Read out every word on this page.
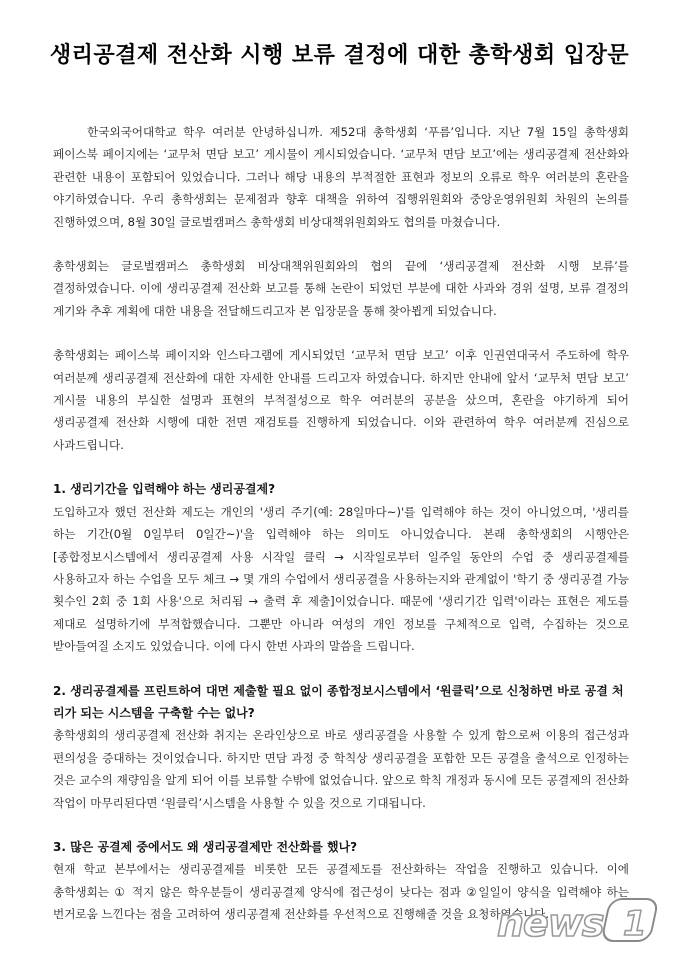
생리공결제 전산화 시행 보류 결정에 대한 총학생회 입장문

한국외국어대학교 학우 여러분 안녕하십니까. 제52대 총학생회 ‘푸름’입니다. 지난 7월 15일 총학생회 페이스북 페이지에는 ‘교무처 면담 보고’ 게시물이 게시되었습니다. ‘교무처 면담 보고’에는 생리공결제 전산화와 관련한 내용이 포함되어 있었습니다. 그러나 해당 내용의 부적절한 표현과 정보의 오류로 학우 여러분의 혼란을 야기하였습니다. 우리 총학생회는 문제점과 향후 대책을 위하여 집행위원회와 중앙운영위원회 차원의 논의를 진행하였으며, 8월 30일 글로벌캠퍼스 총학생회 비상대책위원회와도 협의를 마쳤습니다.

총학생회는 글로벌캠퍼스 총학생회 비상대책위원회와의 협의 끝에 ‘생리공결제 전산화 시행 보류’를 결정하였습니다. 이에 생리공결제 전산화 보고를 통해 논란이 되었던 부분에 대한 사과와 경위 설명, 보류 결정의 계기와 추후 계획에 대한 내용을 전달해드리고자 본 입장문을 통해 찾아뵙게 되었습니다.

총학생회는 페이스북 페이지와 인스타그램에 게시되었던 ‘교무처 면담 보고’ 이후 인권연대국서 주도하에 학우 여러분께 생리공결제 전산화에 대한 자세한 안내를 드리고자 하였습니다. 하지만 안내에 앞서 ‘교무처 면담 보고’ 게시물 내용의 부실한 설명과 표현의 부적절성으로 학우 여러분의 공분을 샀으며, 혼란을 야기하게 되어 생리공결제 전산화 시행에 대한 전면 재검토를 진행하게 되었습니다. 이와 관련하여 학우 여러분께 진심으로 사과드립니다.

1. 생리기간을 입력해야 하는 생리공결제?

도입하고자 했던 전산화 제도는 개인의 '생리 주기(예: 28일마다~)'를 입력해야 하는 것이 아니었으며, '생리를 하는 기간(0월 0일부터 0일간~)'을 입력해야 하는 의미도 아니었습니다. 본래 총학생회의 시행안은 [종합정보시스템에서 생리공결제 사용 시작일 클릭 → 시작일로부터 일주일 동안의 수업 중 생리공결제를 사용하고자 하는 수업을 모두 체크 → 몇 개의 수업에서 생리공결을 사용하는지와 관계없이 '학기 중 생리공결 가능 횟수인 2회 중 1회 사용'으로 처리됨 → 출력 후 제출]이었습니다. 때문에 '생리기간 입력'이라는 표현은 제도를 제대로 설명하기에 부적합했습니다. 그뿐만 아니라 여성의 개인 정보를 구체적으로 입력, 수집하는 것으로 받아들여질 소지도 있었습니다. 이에 다시 한번 사과의 말씀을 드립니다.

2. 생리공결제를 프린트하여 대면 제출할 필요 없이 종합정보시스템에서 ‘원클릭’으로 신청하면 바로 공결 처리가 되는 시스템을 구축할 수는 없나?

총학생회의 생리공결제 전산화 취지는 온라인상으로 바로 생리공결을 사용할 수 있게 함으로써 이용의 접근성과 편의성을 증대하는 것이었습니다. 하지만 면담 과정 중 학칙상 생리공결을 포함한 모든 공결을 출석으로 인정하는 것은 교수의 재량임을 알게 되어 이를 보류할 수밖에 없었습니다. 앞으로 학칙 개정과 동시에 모든 공결제의 전산화 작업이 마무리된다면 ‘원클릭’시스템을 사용할 수 있을 것으로 기대됩니다.

3. 많은 공결제 중에서도 왜 생리공결제만 전산화를 했나?

현재 학교 본부에서는 생리공결제를 비롯한 모든 공결제도를 전산화하는 작업을 진행하고 있습니다. 이에 총학생회는 ① 적지 않은 학우분들이 생리공결제 양식에 접근성이 낮다는 점과 ②일일이 양식을 입력해야 하는 번거로움 느낀다는 점을 고려하여 생리공결제 전산화를 우선적으로 진행해줄 것을 요청하였습니다.

news 1
